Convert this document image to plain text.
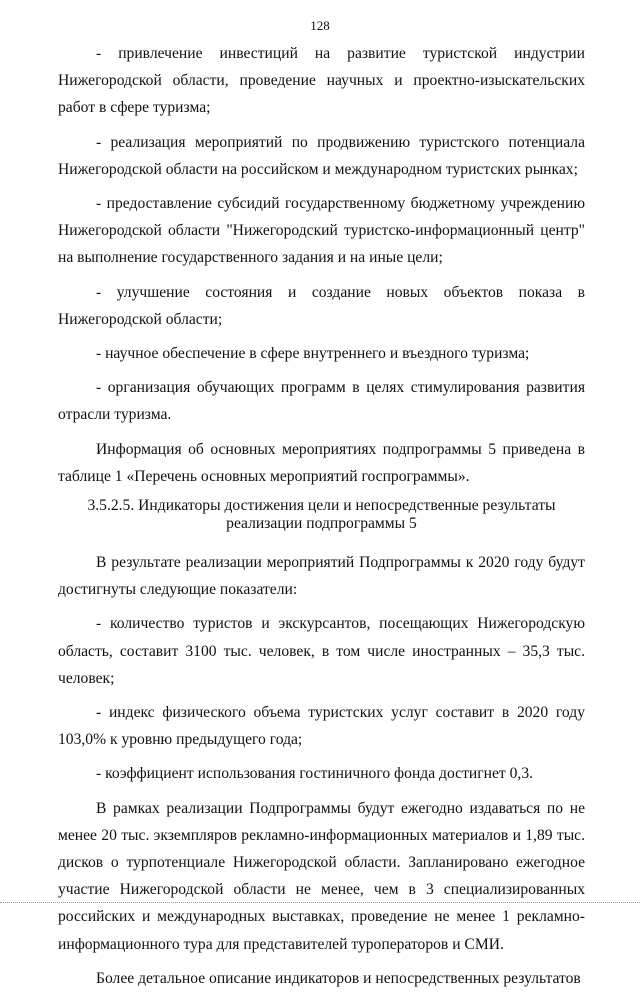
128

- привлечение инвестиций на развитие туристской индустрии Нижегородской области, проведение научных и проектно-изыскательских работ в сфере туризма;

- реализация мероприятий по продвижению туристского потенциала Нижегородской области на российском и международном туристских рынках;

- предоставление субсидий государственному бюджетному учреждению Нижегородской области "Нижегородский туристско-информационный центр" на выполнение государственного задания и на иные цели;

- улучшение состояния и создание новых объектов показа в Нижегородской области;

- научное обеспечение в сфере внутреннего и въездного туризма;

- организация обучающих программ в целях стимулирования развития отрасли туризма.

Информация об основных мероприятиях подпрограммы 5 приведена в таблице 1 «Перечень основных мероприятий госпрограммы».

3.5.2.5. Индикаторы достижения цели и непосредственные результаты
реализации подпрограммы 5

В результате реализации мероприятий Подпрограммы к 2020 году будут достигнуты следующие показатели:

- количество туристов и экскурсантов, посещающих Нижегородскую область, составит 3100 тыс. человек, в том числе иностранных – 35,3 тыс. человек;

- индекс физического объема туристских услуг составит в 2020 году 103,0% к уровню предыдущего года;

- коэффициент использования гостиничного фонда достигнет 0,3.

В рамках реализации Подпрограммы будут ежегодно издаваться по не менее 20 тыс. экземпляров рекламно-информационных материалов и 1,89 тыс. дисков о турпотенциале Нижегородской области. Запланировано ежегодное участие Нижегородской области не менее, чем в 3 специализированных российских и международных выставках, проведение не менее 1 рекламно-информационного тура для представителей туроператоров и СМИ.

Более детальное описание индикаторов и непосредственных результатов
